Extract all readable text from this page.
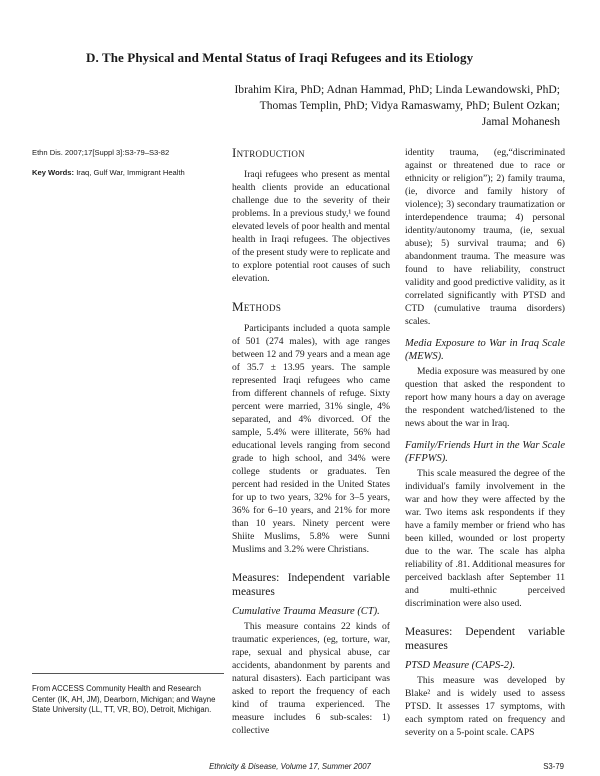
D. The Physical and Mental Status of Iraqi Refugees and its Etiology
Ibrahim Kira, PhD; Adnan Hammad, PhD; Linda Lewandowski, PhD;
Thomas Templin, PhD; Vidya Ramaswamy, PhD; Bulent Ozkan;
Jamal Mohanesh
Ethn Dis. 2007;17[Suppl 3]:S3-79–S3-82
Key Words: Iraq, Gulf War, Immigrant Health
From ACCESS Community Health and Research Center (IK, AH, JM), Dearborn, Michigan; and Wayne State University (LL, TT, VR, BO), Detroit, Michigan.
Introduction

Iraqi refugees who present as mental health clients provide an educational challenge due to the severity of their problems. In a previous study,¹ we found elevated levels of poor health and mental health in Iraqi refugees. The objectives of the present study were to replicate and to explore potential root causes of such elevation.

Methods

Participants included a quota sample of 501 (274 males), with age ranges between 12 and 79 years and a mean age of 35.7 ± 13.95 years. The sample represented Iraqi refugees who came from different channels of refuge. Sixty percent were married, 31% single, 4% separated, and 4% divorced. Of the sample, 5.4% were illiterate, 56% had educational levels ranging from second grade to high school, and 34% were college students or graduates. Ten percent had resided in the United States for up to two years, 32% for 3–5 years, 36% for 6–10 years, and 21% for more than 10 years. Ninety percent were Shiite Muslims, 5.8% were Sunni Muslims and 3.2% were Christians.

Measures: Independent variable measures
Cumulative Trauma Measure (CT).

This measure contains 22 kinds of traumatic experiences, (eg, torture, war, rape, sexual and physical abuse, car accidents, abandonment by parents and natural disasters). Each participant was asked to report the frequency of each kind of trauma experienced. The measure includes 6 sub-scales: 1) collective

identity trauma, (eg,“discriminated against or threatened due to race or ethnicity or religion”); 2) family trauma, (ie, divorce and family history of violence); 3) secondary traumatization or interdependence trauma; 4) personal identity/autonomy trauma, (ie, sexual abuse); 5) survival trauma; and 6) abandonment trauma. The measure was found to have reliability, construct validity and good predictive validity, as it correlated significantly with PTSD and CTD (cumulative trauma disorders) scales.

Media Exposure to War in Iraq Scale (MEWS).

Media exposure was measured by one question that asked the respondent to report how many hours a day on average the respondent watched/listened to the news about the war in Iraq.

Family/Friends Hurt in the War Scale (FFPWS).

This scale measured the degree of the individual's family involvement in the war and how they were affected by the war. Two items ask respondents if they have a family member or friend who has been killed, wounded or lost property due to the war. The scale has alpha reliability of .81. Additional measures for perceived backlash after September 11 and multi-ethnic perceived discrimination were also used.

Measures: Dependent variable measures
PTSD Measure (CAPS-2).

This measure was developed by Blake² and is widely used to assess PTSD. It assesses 17 symptoms, with each symptom rated on frequency and severity on a 5-point scale. CAPS

Ethnicity & Disease, Volume 17, Summer 2007	S3-79
